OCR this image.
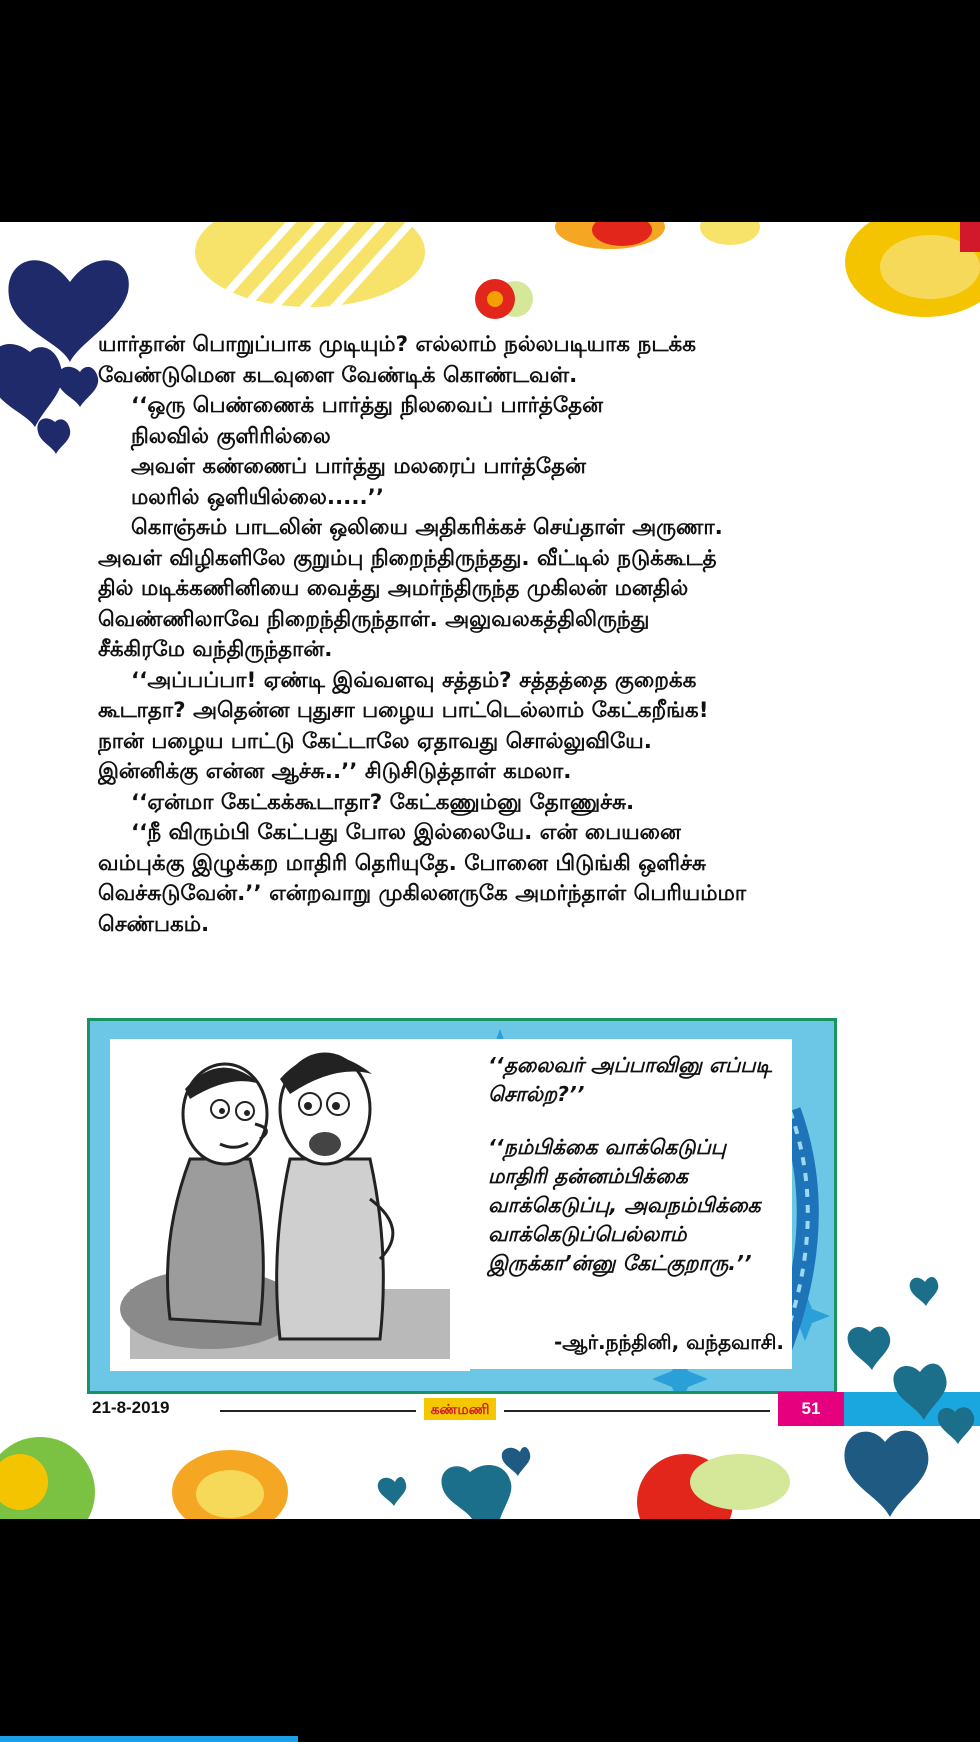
யார்தான் பொறுப்பாக முடியும்? எல்லாம் நல்லபடியாக நடக்க
வேண்டுமென கடவுளை வேண்டிக் கொண்டவள்.
‘‘ஒரு பெண்ணைக் பார்த்து நிலவைப் பார்த்தேன்
நிலவில் குளிரில்லை
அவள் கண்ணைப் பார்த்து மலரைப் பார்த்தேன்
மலரில் ஒளியில்லை.....’’
கொஞ்சும் பாடலின் ஒலியை அதிகரிக்கச் செய்தாள் அருணா.
அவள் விழிகளிலே குறும்பு நிறைந்திருந்தது. வீட்டில் நடுக்கூடத்
தில் மடிக்கணினியை வைத்து அமர்ந்திருந்த முகிலன் மனதில்
வெண்ணிலாவே நிறைந்திருந்தாள். அலுவலகத்திலிருந்து
சீக்கிரமே வந்திருந்தான்.
‘‘அப்பப்பா! ஏண்டி இவ்வளவு சத்தம்? சத்தத்தை குறைக்க
கூடாதா? அதென்ன புதுசா பழைய பாட்டெல்லாம் கேட்கறீங்க!
நான் பழைய பாட்டு கேட்டாலே ஏதாவது சொல்லுவியே.
இன்னிக்கு என்ன ஆச்சு..’’ சிடுசிடுத்தாள் கமலா.
‘‘ஏன்மா கேட்கக்கூடாதா? கேட்கணும்னு தோணுச்சு.
‘‘நீ விரும்பி கேட்பது போல இல்லையே. என் பையனை
வம்புக்கு இழுக்கற மாதிரி தெரியுதே. போனை பிடுங்கி ஒளிச்சு
வெச்சுடுவேன்.’’ என்றவாறு முகிலனருகே அமர்ந்தாள் பெரியம்மா
செண்பகம்.
‘‘தலைவர் அப்பாவினு எப்படி
சொல்ற?’’
‘‘நம்பிக்கை வாக்கெடுப்பு
மாதிரி தன்னம்பிக்கை
வாக்கெடுப்பு, அவநம்பிக்கை
வாக்கெடுப்பெல்லாம்
இருக்கா’ன்னு கேட்குறாரு.’’
-ஆர்.நந்தினி, வந்தவாசி.
21-8-2019	கண்மணி	51
